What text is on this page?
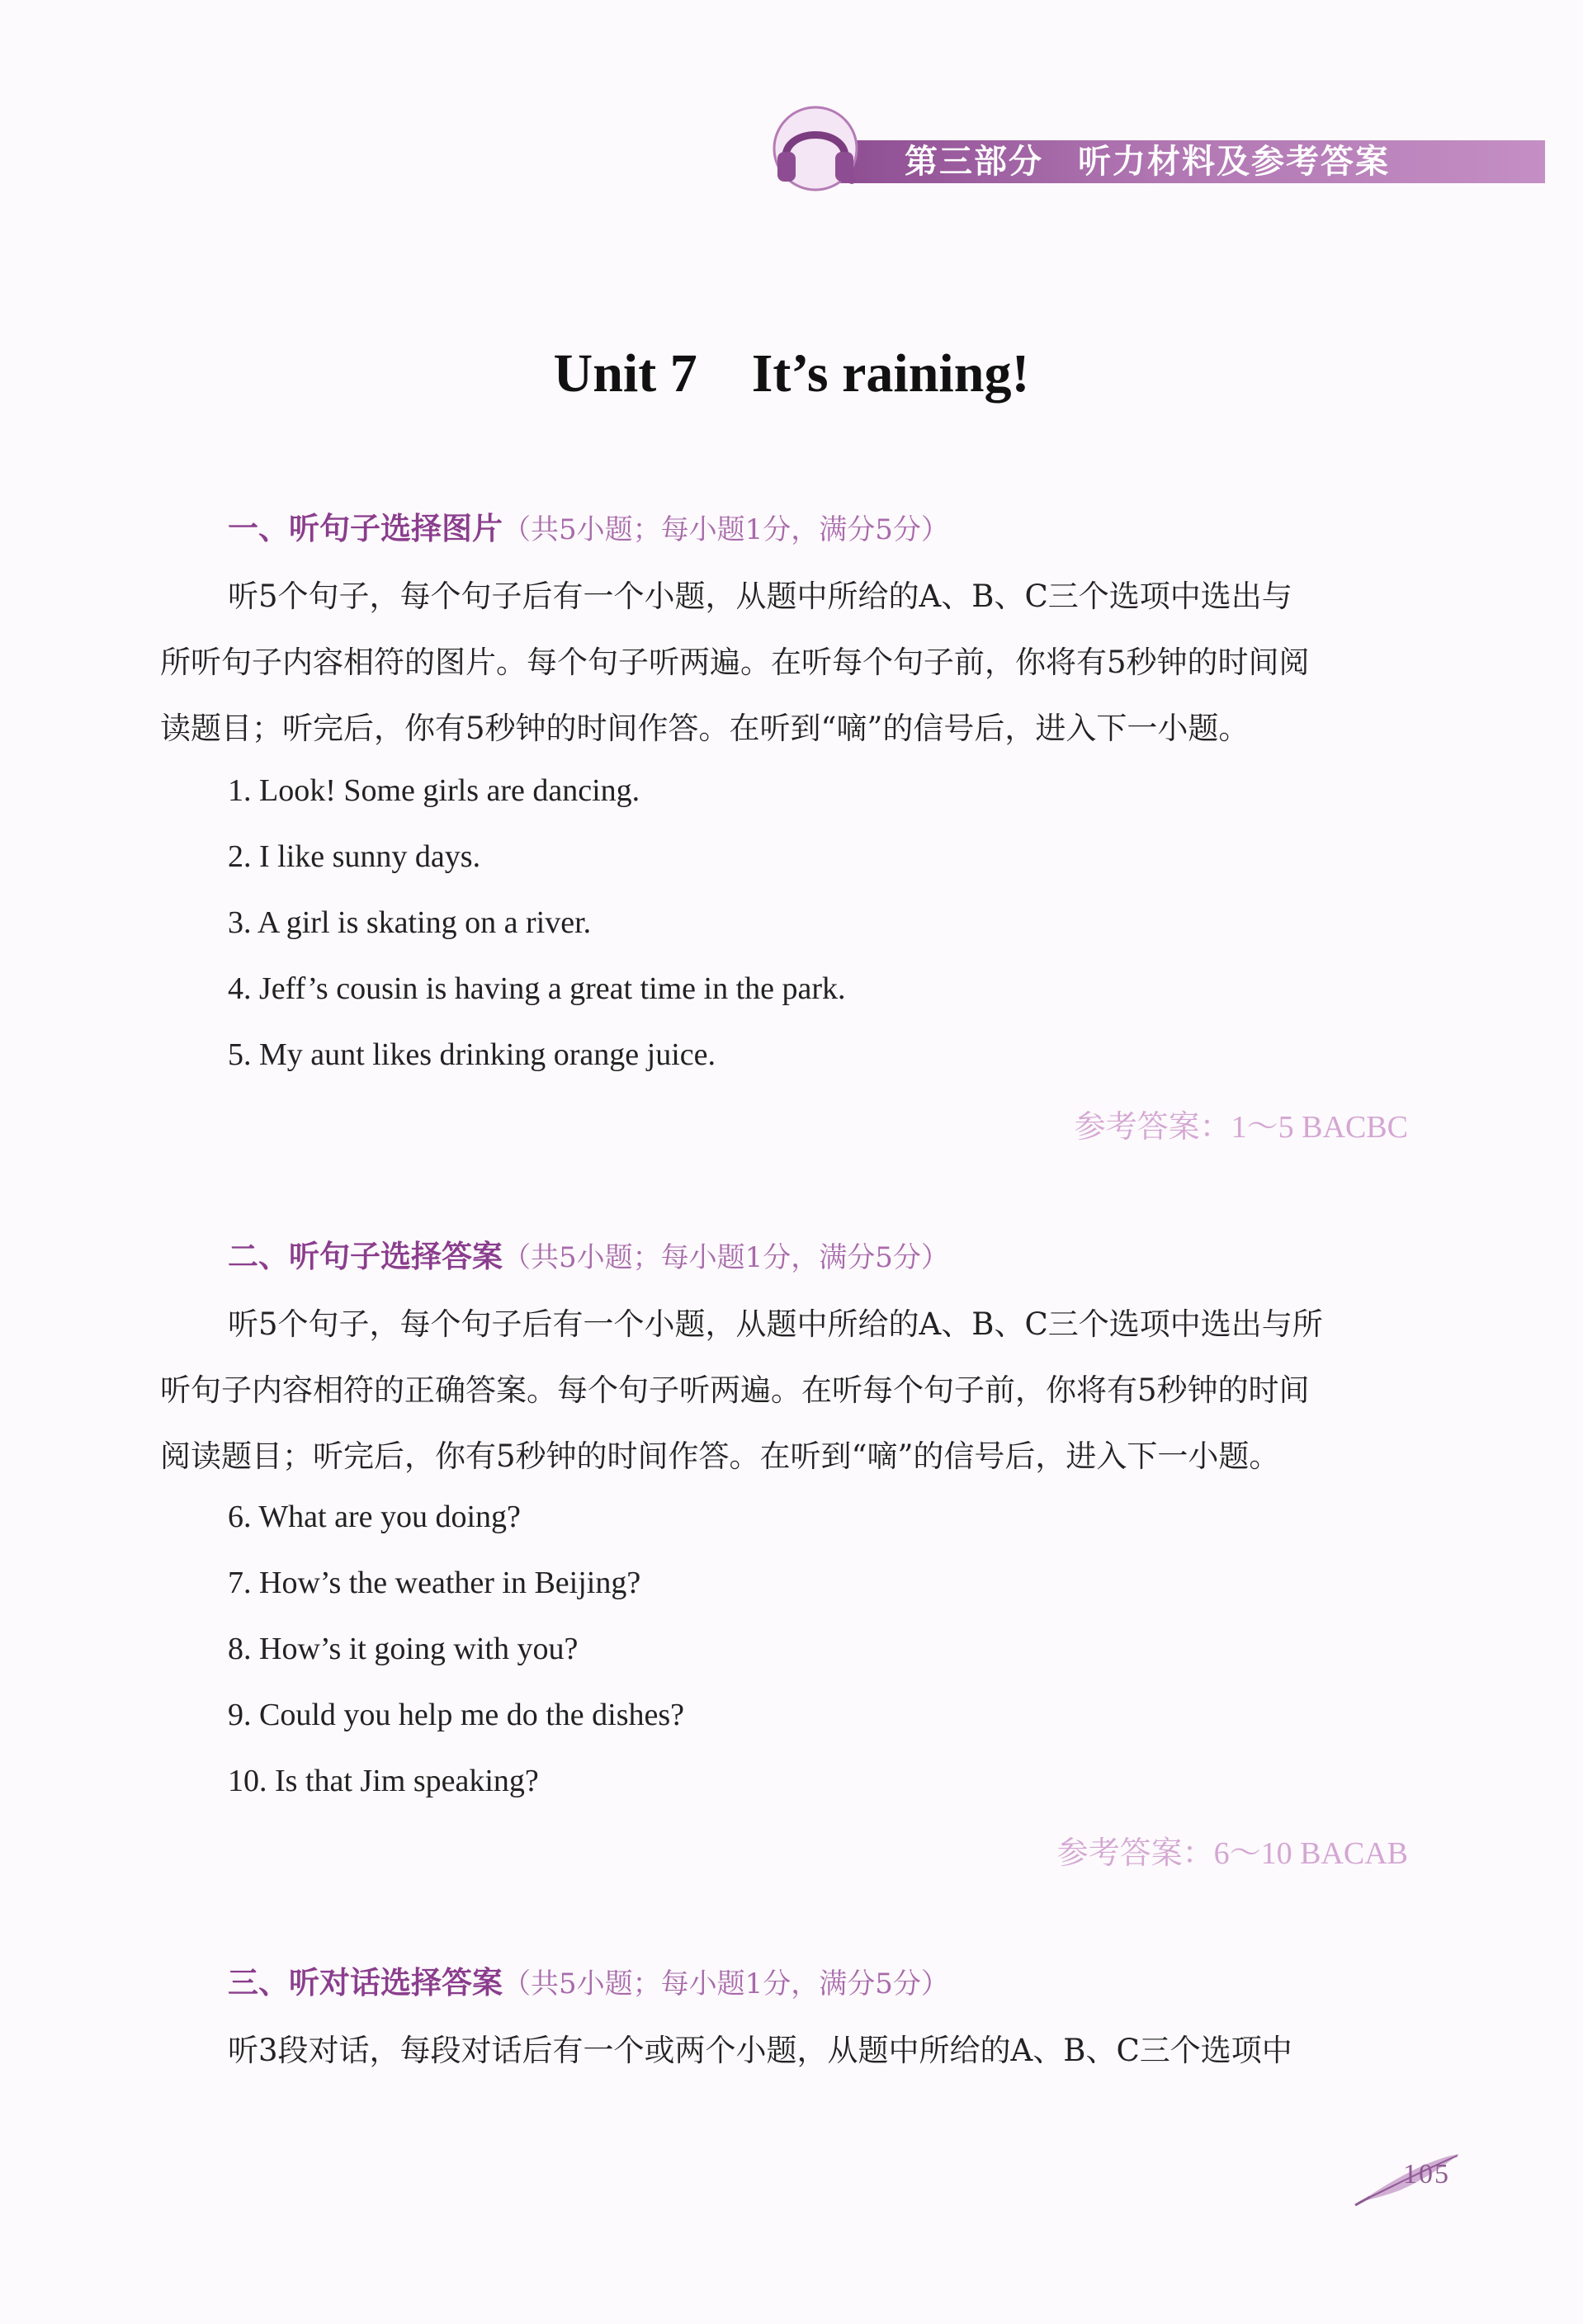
第三部分　听力材料及参考答案
Unit 7　It’s raining!
一、听句子选择图片（共5小题；每小题1分，满分5分）
听5个句子，每个句子后有一个小题，从题中所给的A、B、C三个选项中选出与
所听句子内容相符的图片。每个句子听两遍。在听每个句子前，你将有5秒钟的时间阅
读题目；听完后，你有5秒钟的时间作答。在听到“嘀”的信号后，进入下一小题。
1. Look! Some girls are dancing.
2. I like sunny days.
3. A girl is skating on a river.
4. Jeff’s cousin is having a great time in the park.
5. My aunt likes drinking orange juice.
参考答案：1～5 BACBC
二、听句子选择答案（共5小题；每小题1分，满分5分）
听5个句子，每个句子后有一个小题，从题中所给的A、B、C三个选项中选出与所
听句子内容相符的正确答案。每个句子听两遍。在听每个句子前，你将有5秒钟的时间
阅读题目；听完后，你有5秒钟的时间作答。在听到“嘀”的信号后，进入下一小题。
6. What are you doing?
7. How’s the weather in Beijing?
8. How’s it going with you?
9. Could you help me do the dishes?
10. Is that Jim speaking?
参考答案：6～10 BACAB
三、听对话选择答案（共5小题；每小题1分，满分5分）
听3段对话，每段对话后有一个或两个小题，从题中所给的A、B、C三个选项中
105
